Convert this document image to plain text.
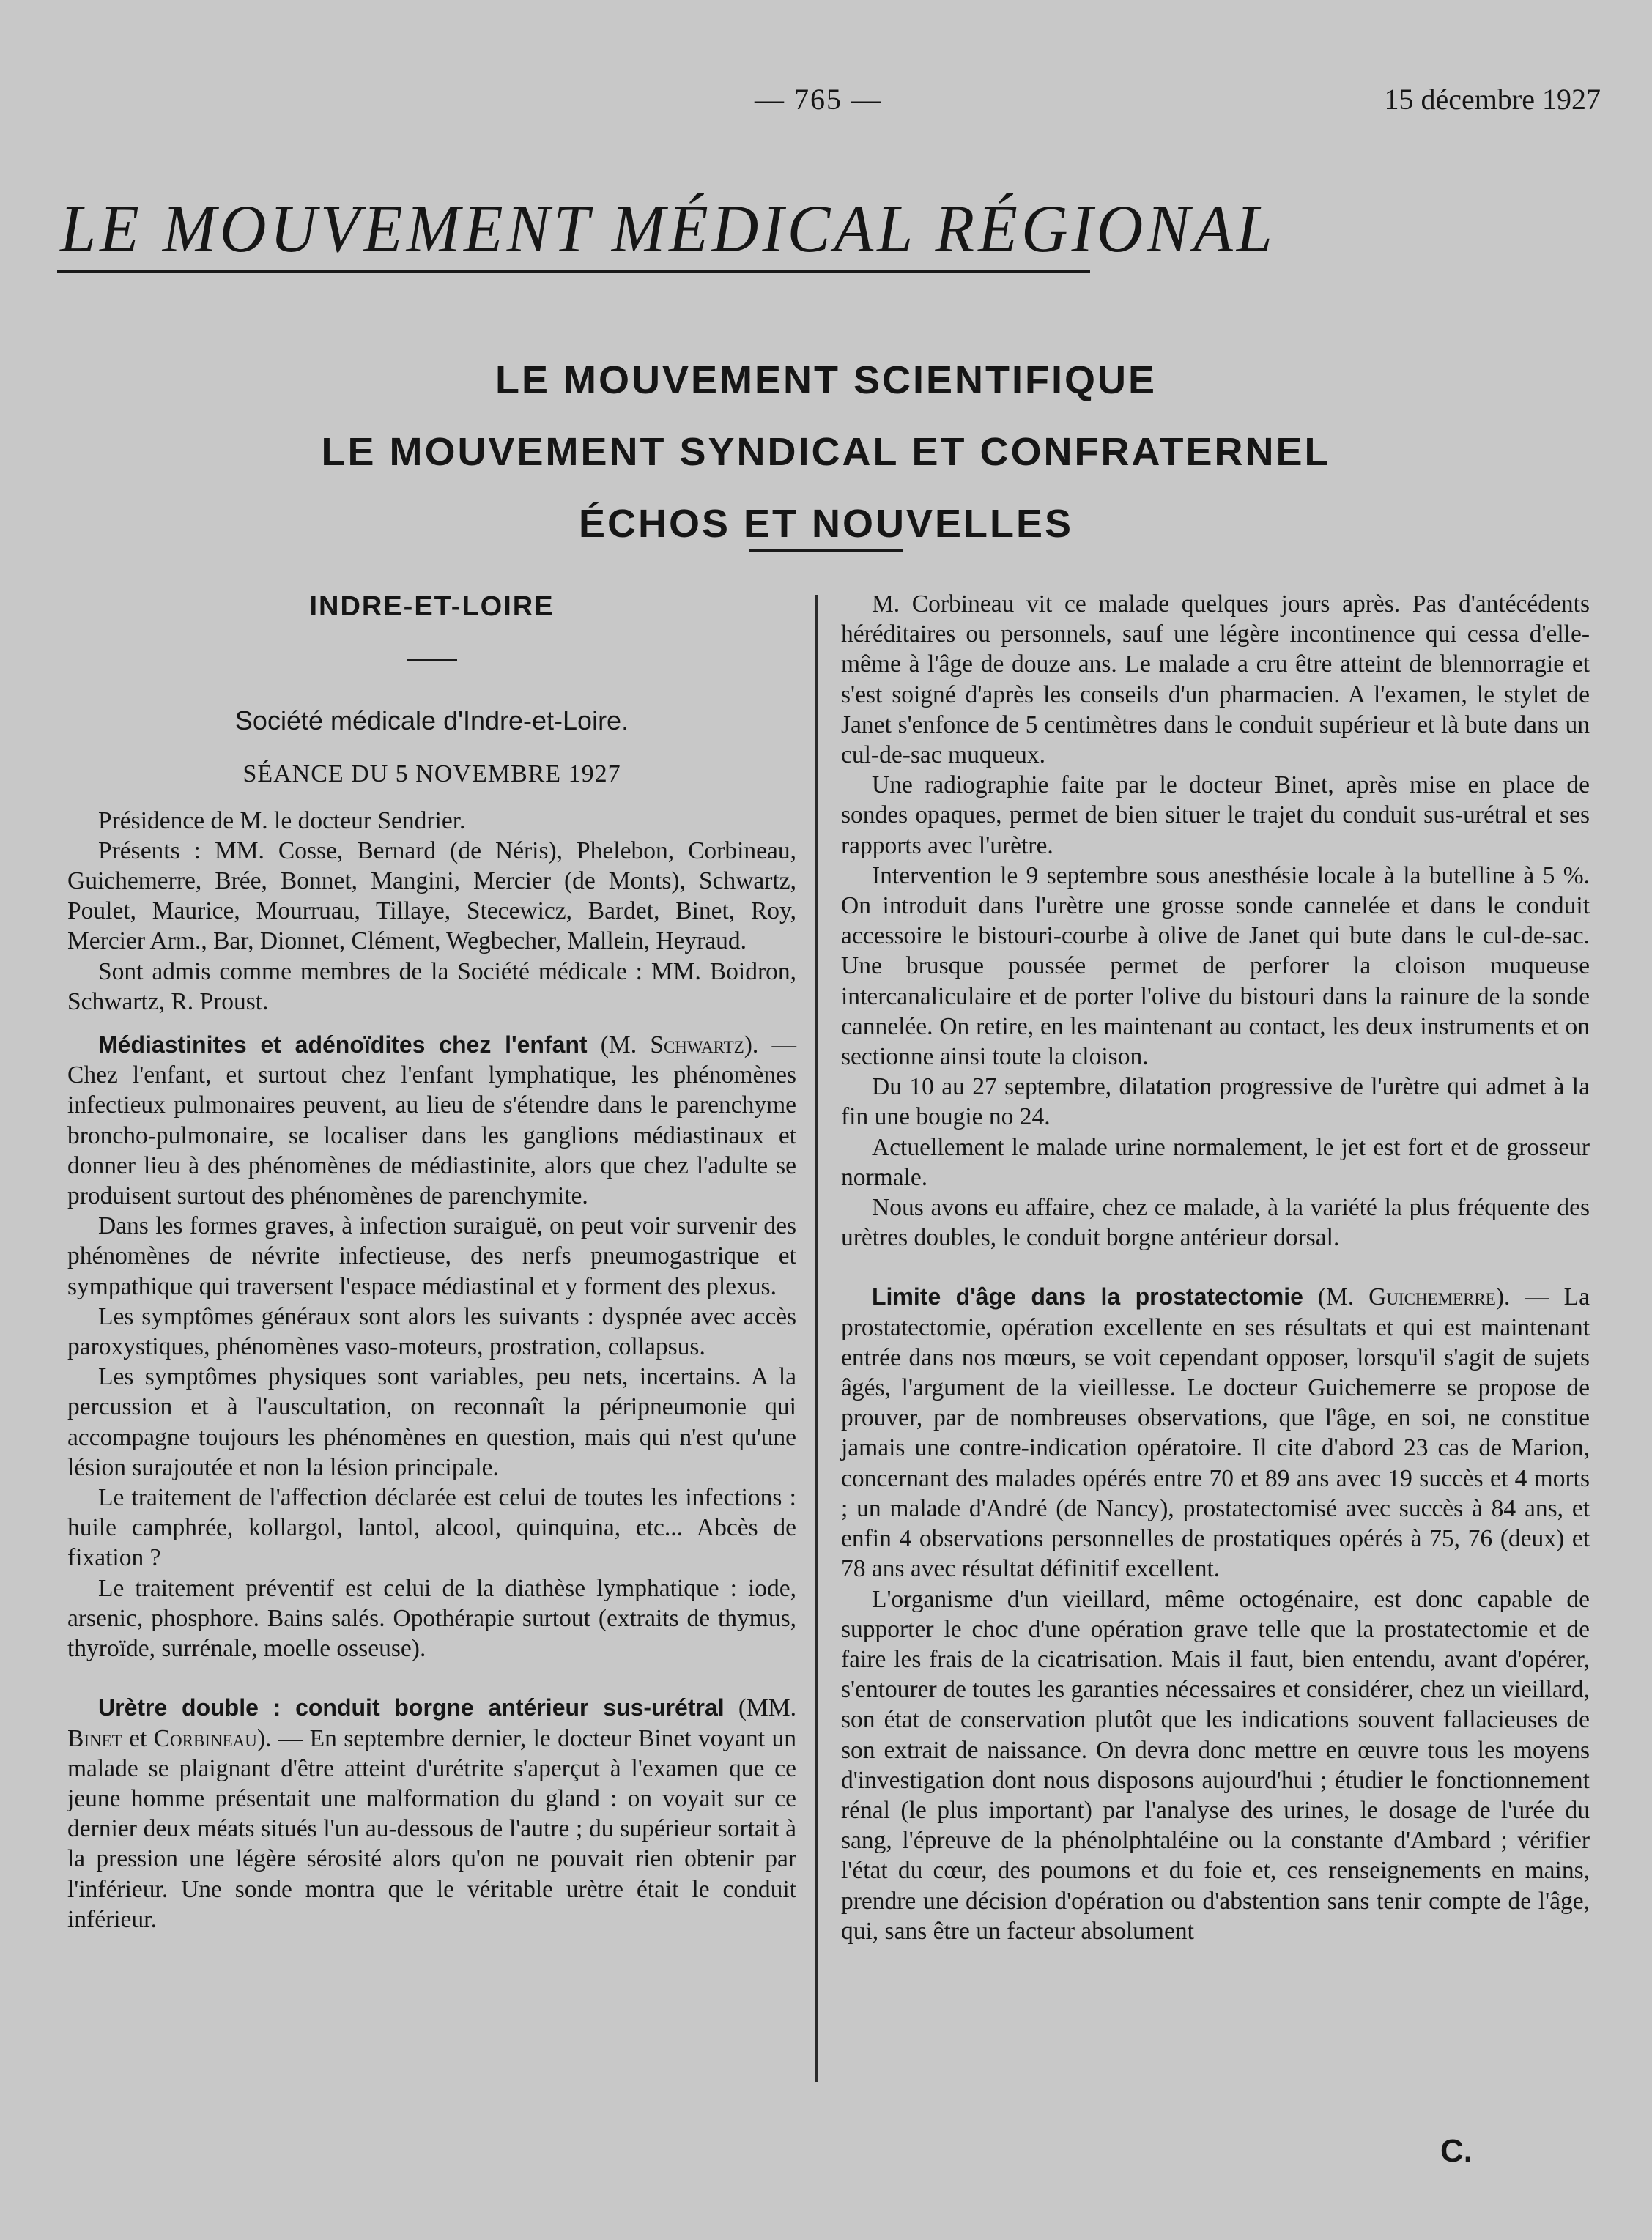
— 765 —	15 décembre 1927
LE MOUVEMENT MÉDICAL RÉGIONAL
LE MOUVEMENT SCIENTIFIQUE
LE MOUVEMENT SYNDICAL ET CONFRATERNEL
ÉCHOS ET NOUVELLES
INDRE-ET-LOIRE
Société médicale d'Indre-et-Loire.
SÉANCE DU 5 NOVEMBRE 1927

Présidence de M. le docteur Sendrier.

Présents : MM. Cosse, Bernard (de Néris), Phelebon, Corbineau, Guichemerre, Brée, Bonnet, Mangini, Mercier (de Monts), Schwartz, Poulet, Maurice, Mourruau, Tillaye, Stecewicz, Bardet, Binet, Roy, Mercier Arm., Bar, Dionnet, Clément, Wegbecher, Mallein, Heyraud.

Sont admis comme membres de la Société médicale : MM. Boidron, Schwartz, R. Proust.

Médiastinites et adénoïdites chez l'enfant (M. Schwartz). — Chez l'enfant, et surtout chez l'enfant lymphatique, les phénomènes infectieux pulmonaires peuvent, au lieu de s'étendre dans le parenchyme broncho-pulmonaire, se localiser dans les ganglions médiastinaux et donner lieu à des phénomènes de médiastinite, alors que chez l'adulte se produisent surtout des phénomènes de parenchymite.

Dans les formes graves, à infection suraiguë, on peut voir survenir des phénomènes de névrite infectieuse, des nerfs pneumogastrique et sympathique qui traversent l'espace médiastinal et y forment des plexus.

Les symptômes généraux sont alors les suivants : dyspnée avec accès paroxystiques, phénomènes vaso-moteurs, prostration, collapsus.

Les symptômes physiques sont variables, peu nets, incertains. A la percussion et à l'auscultation, on reconnaît la péripneumonie qui accompagne toujours les phénomènes en question, mais qui n'est qu'une lésion surajoutée et non la lésion principale.

Le traitement de l'affection déclarée est celui de toutes les infections : huile camphrée, kollargol, lantol, alcool, quinquina, etc... Abcès de fixation ?

Le traitement préventif est celui de la diathèse lymphatique : iode, arsenic, phosphore. Bains salés. Opothérapie surtout (extraits de thymus, thyroïde, surrénale, moelle osseuse).

Urètre double : conduit borgne antérieur sus-urétral (MM. Binet et Corbineau). — En septembre dernier, le docteur Binet voyant un malade se plaignant d'être atteint d'urétrite s'aperçut à l'examen que ce jeune homme présentait une malformation du gland : on voyait sur ce dernier deux méats situés l'un au-dessous de l'autre ; du supérieur sortait à la pression une légère sérosité alors qu'on ne pouvait rien obtenir par l'inférieur. Une sonde montra que le véritable urètre était le conduit inférieur.

M. Corbineau vit ce malade quelques jours après. Pas d'antécédents héréditaires ou personnels, sauf une légère incontinence qui cessa d'elle-même à l'âge de douze ans. Le malade a cru être atteint de blennorragie et s'est soigné d'après les conseils d'un pharmacien. A l'examen, le stylet de Janet s'enfonce de 5 centimètres dans le conduit supérieur et là bute dans un cul-de-sac muqueux.

Une radiographie faite par le docteur Binet, après mise en place de sondes opaques, permet de bien situer le trajet du conduit sus-urétral et ses rapports avec l'urètre.

Intervention le 9 septembre sous anesthésie locale à la butelline à 5 %. On introduit dans l'urètre une grosse sonde cannelée et dans le conduit accessoire le bistouri-courbe à olive de Janet qui bute dans le cul-de-sac. Une brusque poussée permet de perforer la cloison muqueuse intercanaliculaire et de porter l'olive du bistouri dans la rainure de la sonde cannelée. On retire, en les maintenant au contact, les deux instruments et on sectionne ainsi toute la cloison.

Du 10 au 27 septembre, dilatation progressive de l'urètre qui admet à la fin une bougie no 24.

Actuellement le malade urine normalement, le jet est fort et de grosseur normale.

Nous avons eu affaire, chez ce malade, à la variété la plus fréquente des urètres doubles, le conduit borgne antérieur dorsal.

Limite d'âge dans la prostatectomie (M. Guichemerre). — La prostatectomie, opération excellente en ses résultats et qui est maintenant entrée dans nos mœurs, se voit cependant opposer, lorsqu'il s'agit de sujets âgés, l'argument de la vieillesse. Le docteur Guichemerre se propose de prouver, par de nombreuses observations, que l'âge, en soi, ne constitue jamais une contre-indication opératoire. Il cite d'abord 23 cas de Marion, concernant des malades opérés entre 70 et 89 ans avec 19 succès et 4 morts ; un malade d'André (de Nancy), prostatectomisé avec succès à 84 ans, et enfin 4 observations personnelles de prostatiques opérés à 75, 76 (deux) et 78 ans avec résultat définitif excellent.

L'organisme d'un vieillard, même octogénaire, est donc capable de supporter le choc d'une opération grave telle que la prostatectomie et de faire les frais de la cicatrisation. Mais il faut, bien entendu, avant d'opérer, s'entourer de toutes les garanties nécessaires et considérer, chez un vieillard, son état de conservation plutôt que les indications souvent fallacieuses de son extrait de naissance. On devra donc mettre en œuvre tous les moyens d'investigation dont nous disposons aujourd'hui ; étudier le fonctionnement rénal (le plus important) par l'analyse des urines, le dosage de l'urée du sang, l'épreuve de la phénolphtaléine ou la constante d'Ambard ; vérifier l'état du cœur, des poumons et du foie et, ces renseignements en mains, prendre une décision d'opération ou d'abstention sans tenir compte de l'âge, qui, sans être un facteur absolument

C.
